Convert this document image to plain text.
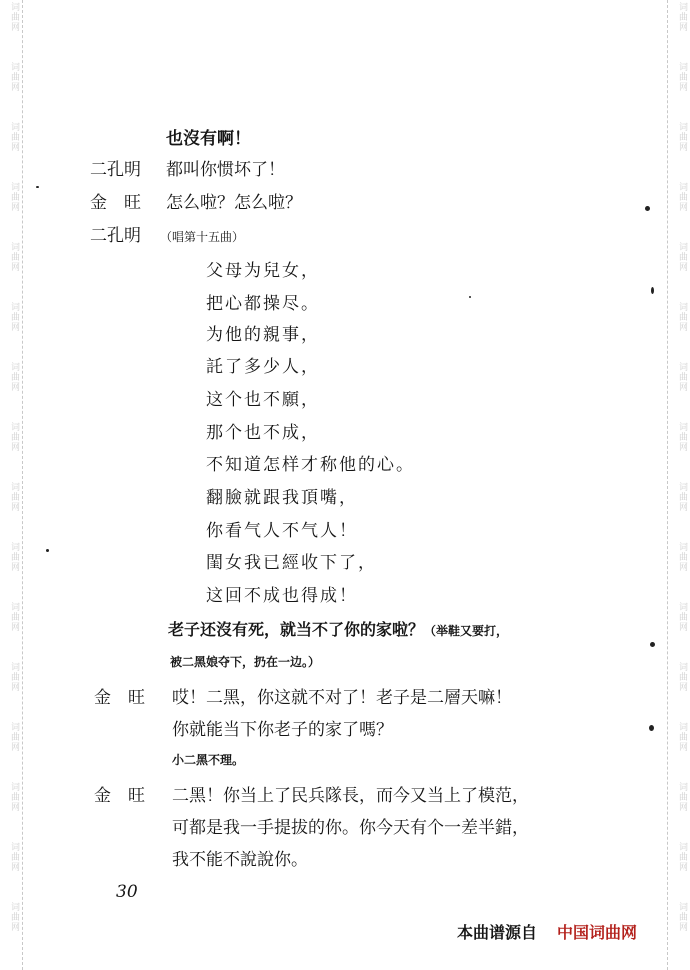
词曲网
词曲网
词曲网
词曲网
词曲网
词曲网
词曲网
词曲网
词曲网
词曲网
词曲网
词曲网
词曲网
词曲网
词曲网
词曲网
词曲网
词曲网
词曲网
词曲网
词曲网
词曲网
词曲网
词曲网
词曲网
词曲网
词曲网
词曲网
词曲网
词曲网
词曲网
词曲网
也沒有啊！
二孔明 都叫你惯坏了！
金　旺 怎么啦？怎么啦？
二孔明 （唱第十五曲）
父母为兒女，
把心都操尽。
为他的親事，
託了多少人，
这个也不願，
那个也不成，
不知道怎样才称他的心。
翻臉就跟我頂嘴，
你看气人不气人！
閨女我已經收下了，
这回不成也得成！
老子还沒有死，就当不了你的家啦？（举鞋又要打，
被二黑娘夺下，扔在一边。）
金　旺 哎！二黑，你这就不对了！老子是二層天嘛！
你就能当下你老子的家了嗎？
小二黑不理。
金　旺 二黑！你当上了民兵隊長，而今又当上了模范，
可都是我一手提拔的你。你今天有个一差半錯，
我不能不說說你。
30
本曲谱源自 中国词曲网
